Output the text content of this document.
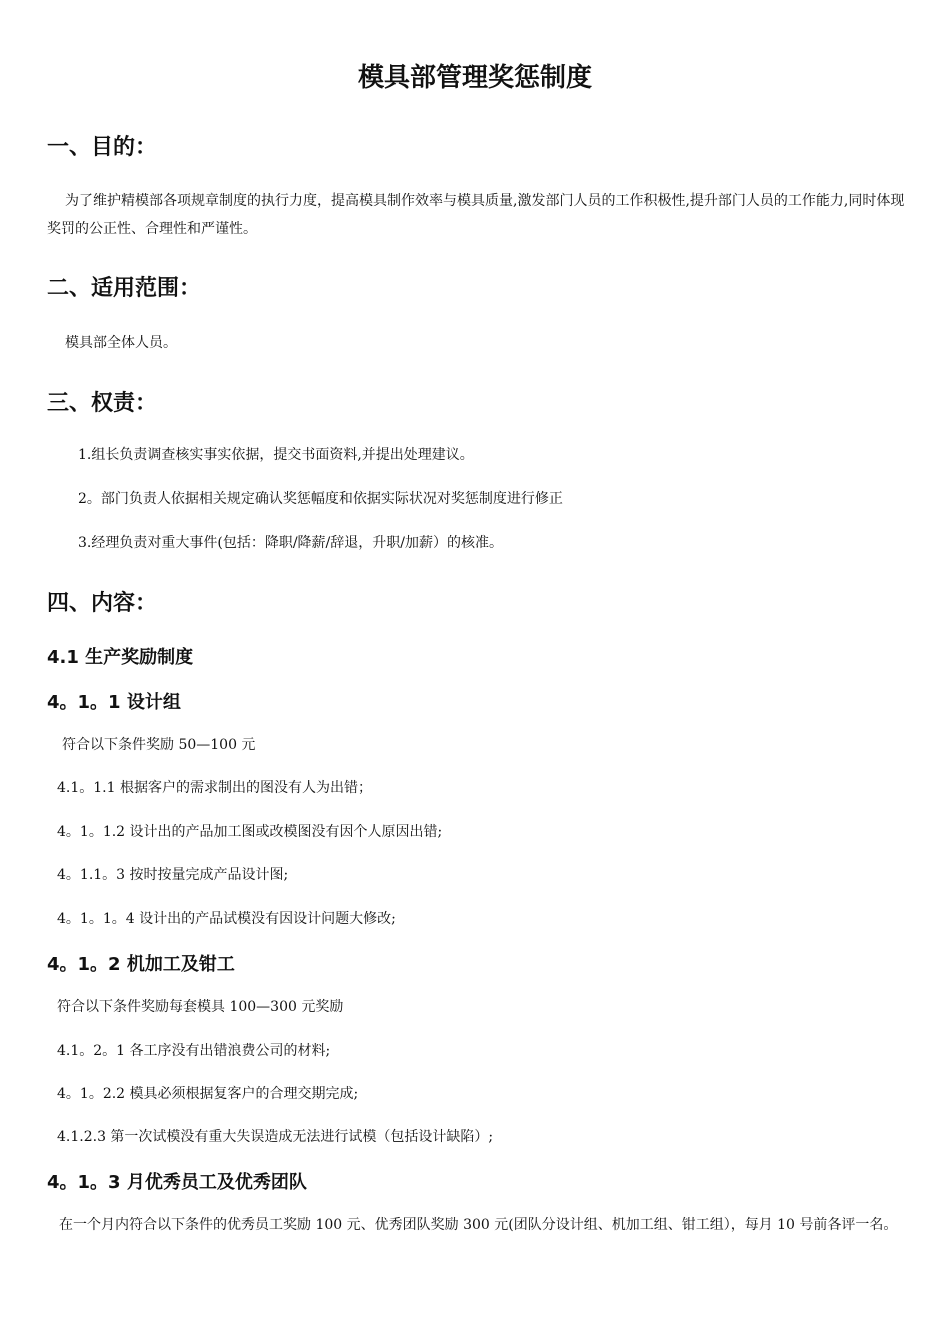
模具部管理奖惩制度
一、目的：
为了维护精模部各项规章制度的执行力度，提高模具制作效率与模具质量,激发部门人员的工作积极性,提升部门人员的工作能力,同时体现奖罚的公正性、合理性和严谨性。
二、适用范围：
模具部全体人员。
三、权责：
1.组长负责调查核实事实依据，提交书面资料,并提出处理建议。
2。部门负责人依据相关规定确认奖惩幅度和依据实际状况对奖惩制度进行修正
3.经理负责对重大事件(包括：降职/降薪/辞退，升职/加薪）的核准。
四、内容：
4.1 生产奖励制度
4。1。1 设计组
符合以下条件奖励 50—100 元
4.1。1.1 根据客户的需求制出的图没有人为出错；
4。1。1.2 设计出的产品加工图或改模图没有因个人原因出错;
4。1.1。3 按时按量完成产品设计图;
4。1。1。4 设计出的产品试模没有因设计问题大修改;
4。1。2 机加工及钳工
符合以下条件奖励每套模具 100—300 元奖励
4.1。2。1 各工序没有出错浪费公司的材料;
4。1。2.2 模具必须根据复客户的合理交期完成;
4.1.2.3 第一次试模没有重大失误造成无法进行试模（包括设计缺陷）;
4。1。3 月优秀员工及优秀团队
在一个月内符合以下条件的优秀员工奖励 100 元、优秀团队奖励 300 元(团队分设计组、机加工组、钳工组），每月 10 号前各评一名。
